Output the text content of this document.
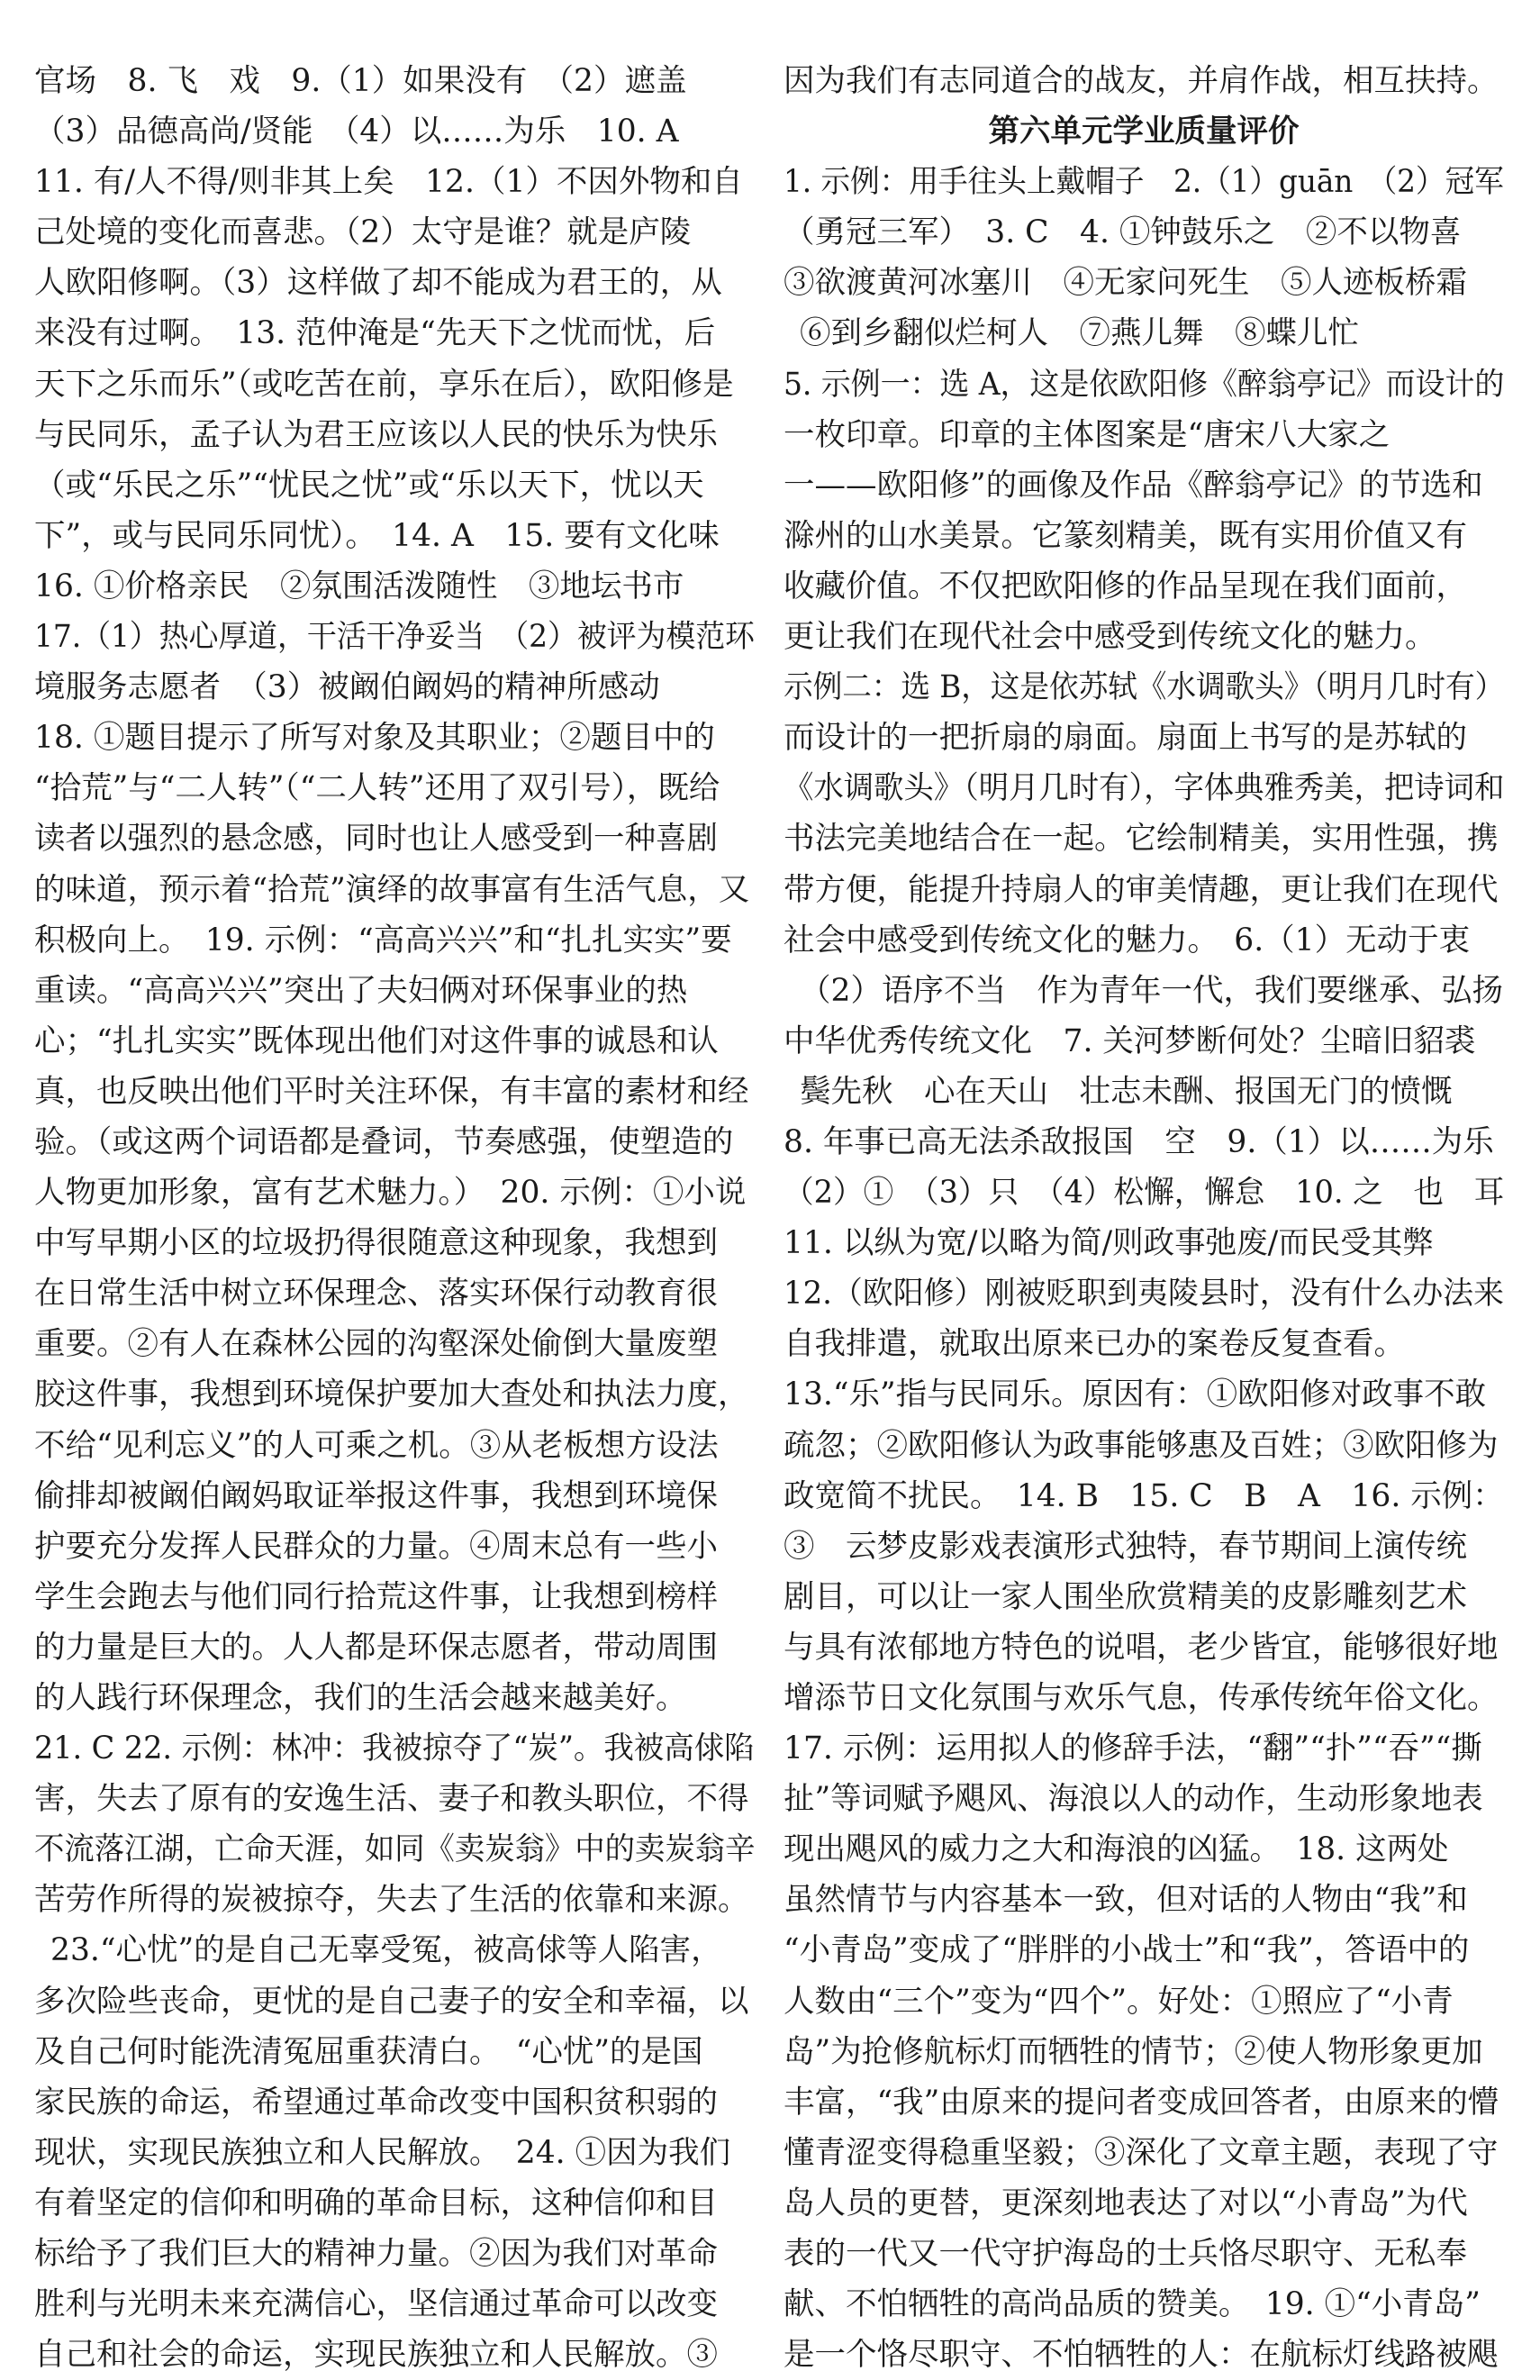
官场　8. 飞　戏　9.（1）如果没有　（2）遮盖
（3）品德高尚/贤能　（4）以……为乐　10. A
11. 有/人不得/则非其上矣　12.（1）不因外物和自
己处境的变化而喜悲。（2）太守是谁？就是庐陵
人欧阳修啊。（3）这样做了却不能成为君王的，从
来没有过啊。　13. 范仲淹是“先天下之忧而忧，后
天下之乐而乐”（或吃苦在前，享乐在后），欧阳修是
与民同乐，孟子认为君王应该以人民的快乐为快乐
（或“乐民之乐”“忧民之忧”或“乐以天下，忧以天
下”，或与民同乐同忧）。　14. A　15. 要有文化味
16. ①价格亲民　②氛围活泼随性　③地坛书市
17.（1）热心厚道，干活干净妥当　（2）被评为模范环
境服务志愿者　（3）被阚伯阚妈的精神所感动
18. ①题目提示了所写对象及其职业；②题目中的
“拾荒”与“二人转”（“二人转”还用了双引号），既给
读者以强烈的悬念感，同时也让人感受到一种喜剧
的味道，预示着“拾荒”演绎的故事富有生活气息，又
积极向上。　19. 示例：“高高兴兴”和“扎扎实实”要
重读。“高高兴兴”突出了夫妇俩对环保事业的热
心；“扎扎实实”既体现出他们对这件事的诚恳和认
真，也反映出他们平时关注环保，有丰富的素材和经
验。（或这两个词语都是叠词，节奏感强，使塑造的
人物更加形象，富有艺术魅力。）　20. 示例：①小说
中写早期小区的垃圾扔得很随意这种现象，我想到
在日常生活中树立环保理念、落实环保行动教育很
重要。②有人在森林公园的沟壑深处偷倒大量废塑
胶这件事，我想到环境保护要加大查处和执法力度，
不给“见利忘义”的人可乘之机。③从老板想方设法
偷排却被阚伯阚妈取证举报这件事，我想到环境保
护要充分发挥人民群众的力量。④周末总有一些小
学生会跑去与他们同行拾荒这件事，让我想到榜样
的力量是巨大的。人人都是环保志愿者，带动周围
的人践行环保理念，我们的生活会越来越美好。
21. C 22. 示例：林冲：我被掠夺了“炭”。我被高俅陷
害，失去了原有的安逸生活、妻子和教头职位，不得
不流落江湖，亡命天涯，如同《卖炭翁》中的卖炭翁辛
苦劳作所得的炭被掠夺，失去了生活的依靠和来源。
23.“心忧”的是自己无辜受冤，被高俅等人陷害，
多次险些丧命，更忧的是自己妻子的安全和幸福，以
及自己何时能洗清冤屈重获清白。　“心忧”的是国
家民族的命运，希望通过革命改变中国积贫积弱的
现状，实现民族独立和人民解放。　24. ①因为我们
有着坚定的信仰和明确的革命目标，这种信仰和目
标给予了我们巨大的精神力量。②因为我们对革命
胜利与光明未来充满信心，坚信通过革命可以改变
自己和社会的命运，实现民族独立和人民解放。③
因为我们有志同道合的战友，并肩作战，相互扶持。
第六单元学业质量评价
1. 示例：用手往头上戴帽子　2.（1）guān　（2）冠军
（勇冠三军）　3. C　4. ①钟鼓乐之　②不以物喜
③欲渡黄河冰塞川　④无家问死生　⑤人迹板桥霜
⑥到乡翻似烂柯人　⑦燕儿舞　⑧蝶儿忙
5. 示例一：选 A，这是依欧阳修《醉翁亭记》而设计的
一枚印章。印章的主体图案是“唐宋八大家之
一——欧阳修”的画像及作品《醉翁亭记》的节选和
滁州的山水美景。它篆刻精美，既有实用价值又有
收藏价值。不仅把欧阳修的作品呈现在我们面前，
更让我们在现代社会中感受到传统文化的魅力。
示例二：选 B，这是依苏轼《水调歌头》（明月几时有）
而设计的一把折扇的扇面。扇面上书写的是苏轼的
《水调歌头》（明月几时有），字体典雅秀美，把诗词和
书法完美地结合在一起。它绘制精美，实用性强，携
带方便，能提升持扇人的审美情趣，更让我们在现代
社会中感受到传统文化的魅力。　6.（1）无动于衷
（2）语序不当　作为青年一代，我们要继承、弘扬
中华优秀传统文化　7. 关河梦断何处？尘暗旧貂裘
鬓先秋　心在天山　壮志未酬、报国无门的愤慨
8. 年事已高无法杀敌报国　空　9.（1）以……为乐
（2）①　（3）只　（4）松懈，懈怠　10. 之　也　耳
11. 以纵为宽/以略为简/则政事弛废/而民受其弊
12.（欧阳修）刚被贬职到夷陵县时，没有什么办法来
自我排遣，就取出原来已办的案卷反复查看。
13.“乐”指与民同乐。原因有：①欧阳修对政事不敢
疏忽；②欧阳修认为政事能够惠及百姓；③欧阳修为
政宽简不扰民。　14. B　15. C　B　A　16. 示例：
③　云梦皮影戏表演形式独特，春节期间上演传统
剧目，可以让一家人围坐欣赏精美的皮影雕刻艺术
与具有浓郁地方特色的说唱，老少皆宜，能够很好地
增添节日文化氛围与欢乐气息，传承传统年俗文化。
17. 示例：运用拟人的修辞手法，“翻”“扑”“吞”“撕
扯”等词赋予飓风、海浪以人的动作，生动形象地表
现出飓风的威力之大和海浪的凶猛。　18. 这两处
虽然情节与内容基本一致，但对话的人物由“我”和
“小青岛”变成了“胖胖的小战士”和“我”，答语中的
人数由“三个”变为“四个”。好处：①照应了“小青
岛”为抢修航标灯而牺牲的情节；②使人物形象更加
丰富，“我”由原来的提问者变成回答者，由原来的懵
懂青涩变得稳重坚毅；③深化了文章主题，表现了守
岛人员的更替，更深刻地表达了对以“小青岛”为代
表的一代又一代守护海岛的士兵恪尽职守、无私奉
献、不怕牺牲的高尚品质的赞美。　19. ①“小青岛”
是一个恪尽职守、不怕牺牲的人：在航标灯线路被飓
